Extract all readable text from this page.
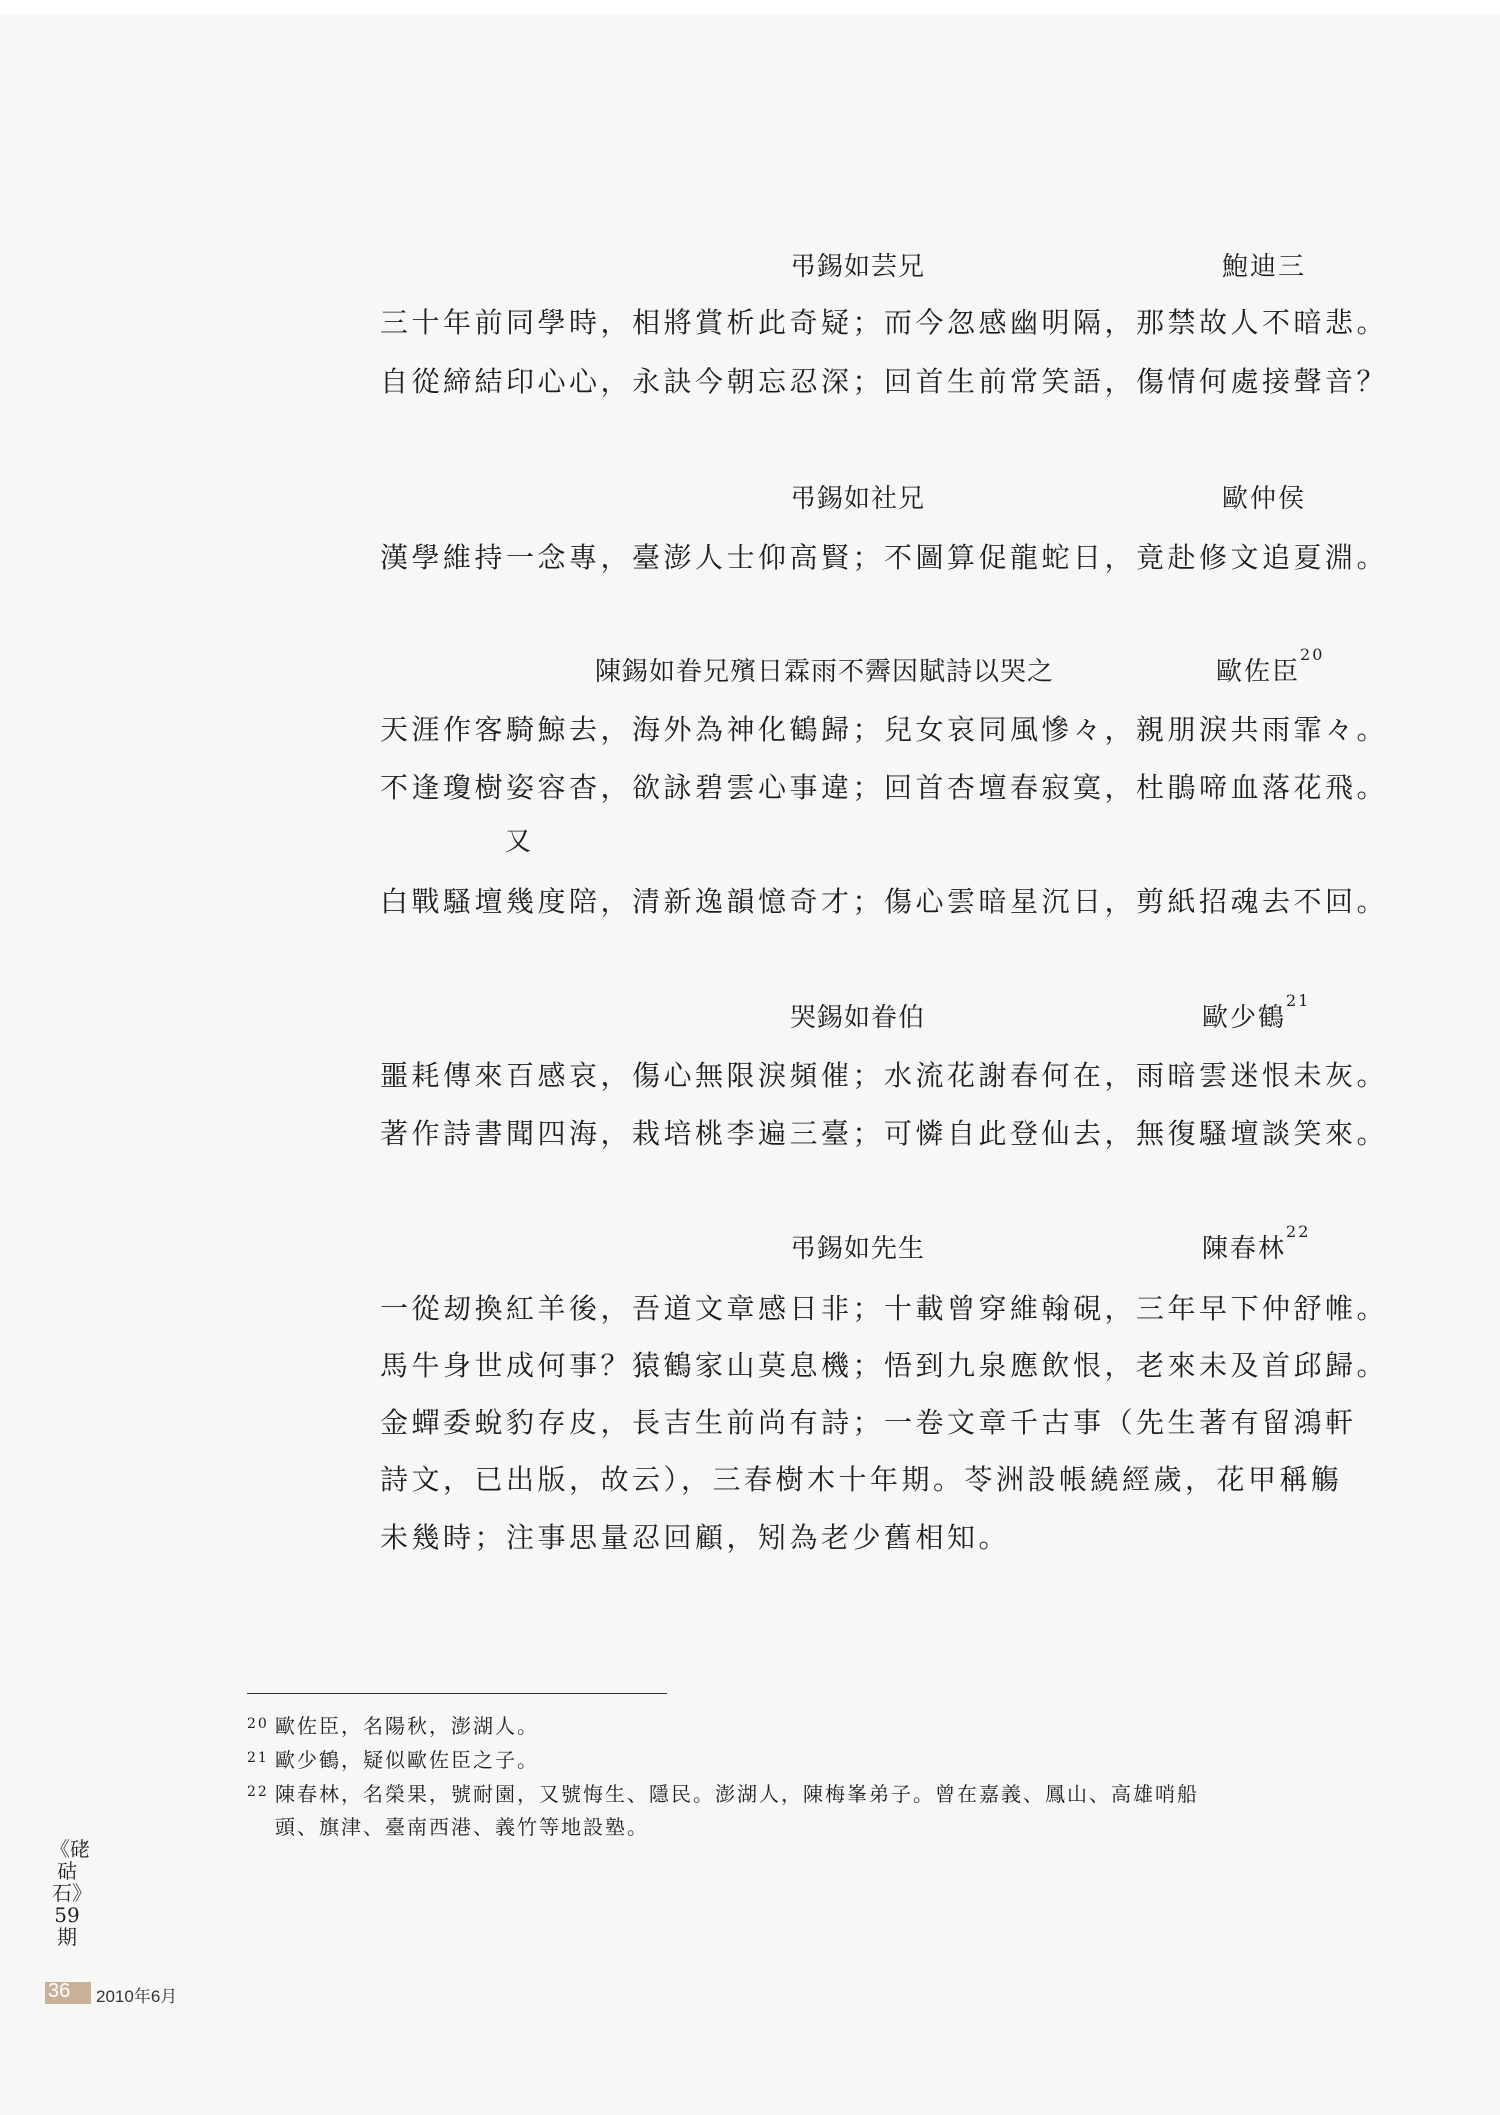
弔錫如芸兄	鮑迪三
三十年前同學時，相將賞析此奇疑；而今忽感幽明隔，那禁故人不暗悲。
自從締結印心心，永訣今朝忘忍深；回首生前常笑語，傷情何處接聲音？
弔錫如社兄	歐仲侯
漢學維持一念專，臺澎人士仰高賢；不圖算促龍蛇日，竟赴修文追夏淵。
陳錫如眷兄殯日霖雨不霽因賦詩以哭之	歐佐臣$^{20}$
天涯作客騎鯨去，海外為神化鶴歸；兒女哀同風慘々，親朋淚共雨霏々。
不逢瓊樹姿容杳，欲詠碧雲心事違；回首杏壇春寂寞，杜鵑啼血落花飛。
又
白戰騷壇幾度陪，清新逸韻憶奇才；傷心雲暗星沉日，剪紙招魂去不回。
哭錫如眷伯	歐少鶴$^{21}$
噩耗傳來百感哀，傷心無限淚頻催；水流花謝春何在，雨暗雲迷恨未灰。
著作詩書聞四海，栽培桃李遍三臺；可憐自此登仙去，無復騷壇談笑來。
弔錫如先生	陳春林$^{22}$
一從刼換紅羊後，吾道文章感日非；十載曾穿維翰硯，三年早下仲舒帷。
馬牛身世成何事？猿鶴家山莫息機；悟到九泉應飲恨，老來未及首邱歸。
金蟬委蛻豹存皮，長吉生前尚有詩；一卷文章千古事（先生著有留鴻軒
詩文，已出版，故云），三春樹木十年期。苓洲設帳繞經歲，花甲稱觴
未幾時；注事思量忍回顧，矧為老少舊相知。
20 歐佐臣，名陽秋，澎湖人。
21 歐少鶴，疑似歐佐臣之子。
22 陳春林，名榮果，號耐園，又號悔生、隱民。澎湖人，陳梅峯弟子。曾在嘉義、鳳山、高雄哨船
頭、旗津、臺南西港、義竹等地設塾。
《硓𥑮石》59期
36 2010年6月
